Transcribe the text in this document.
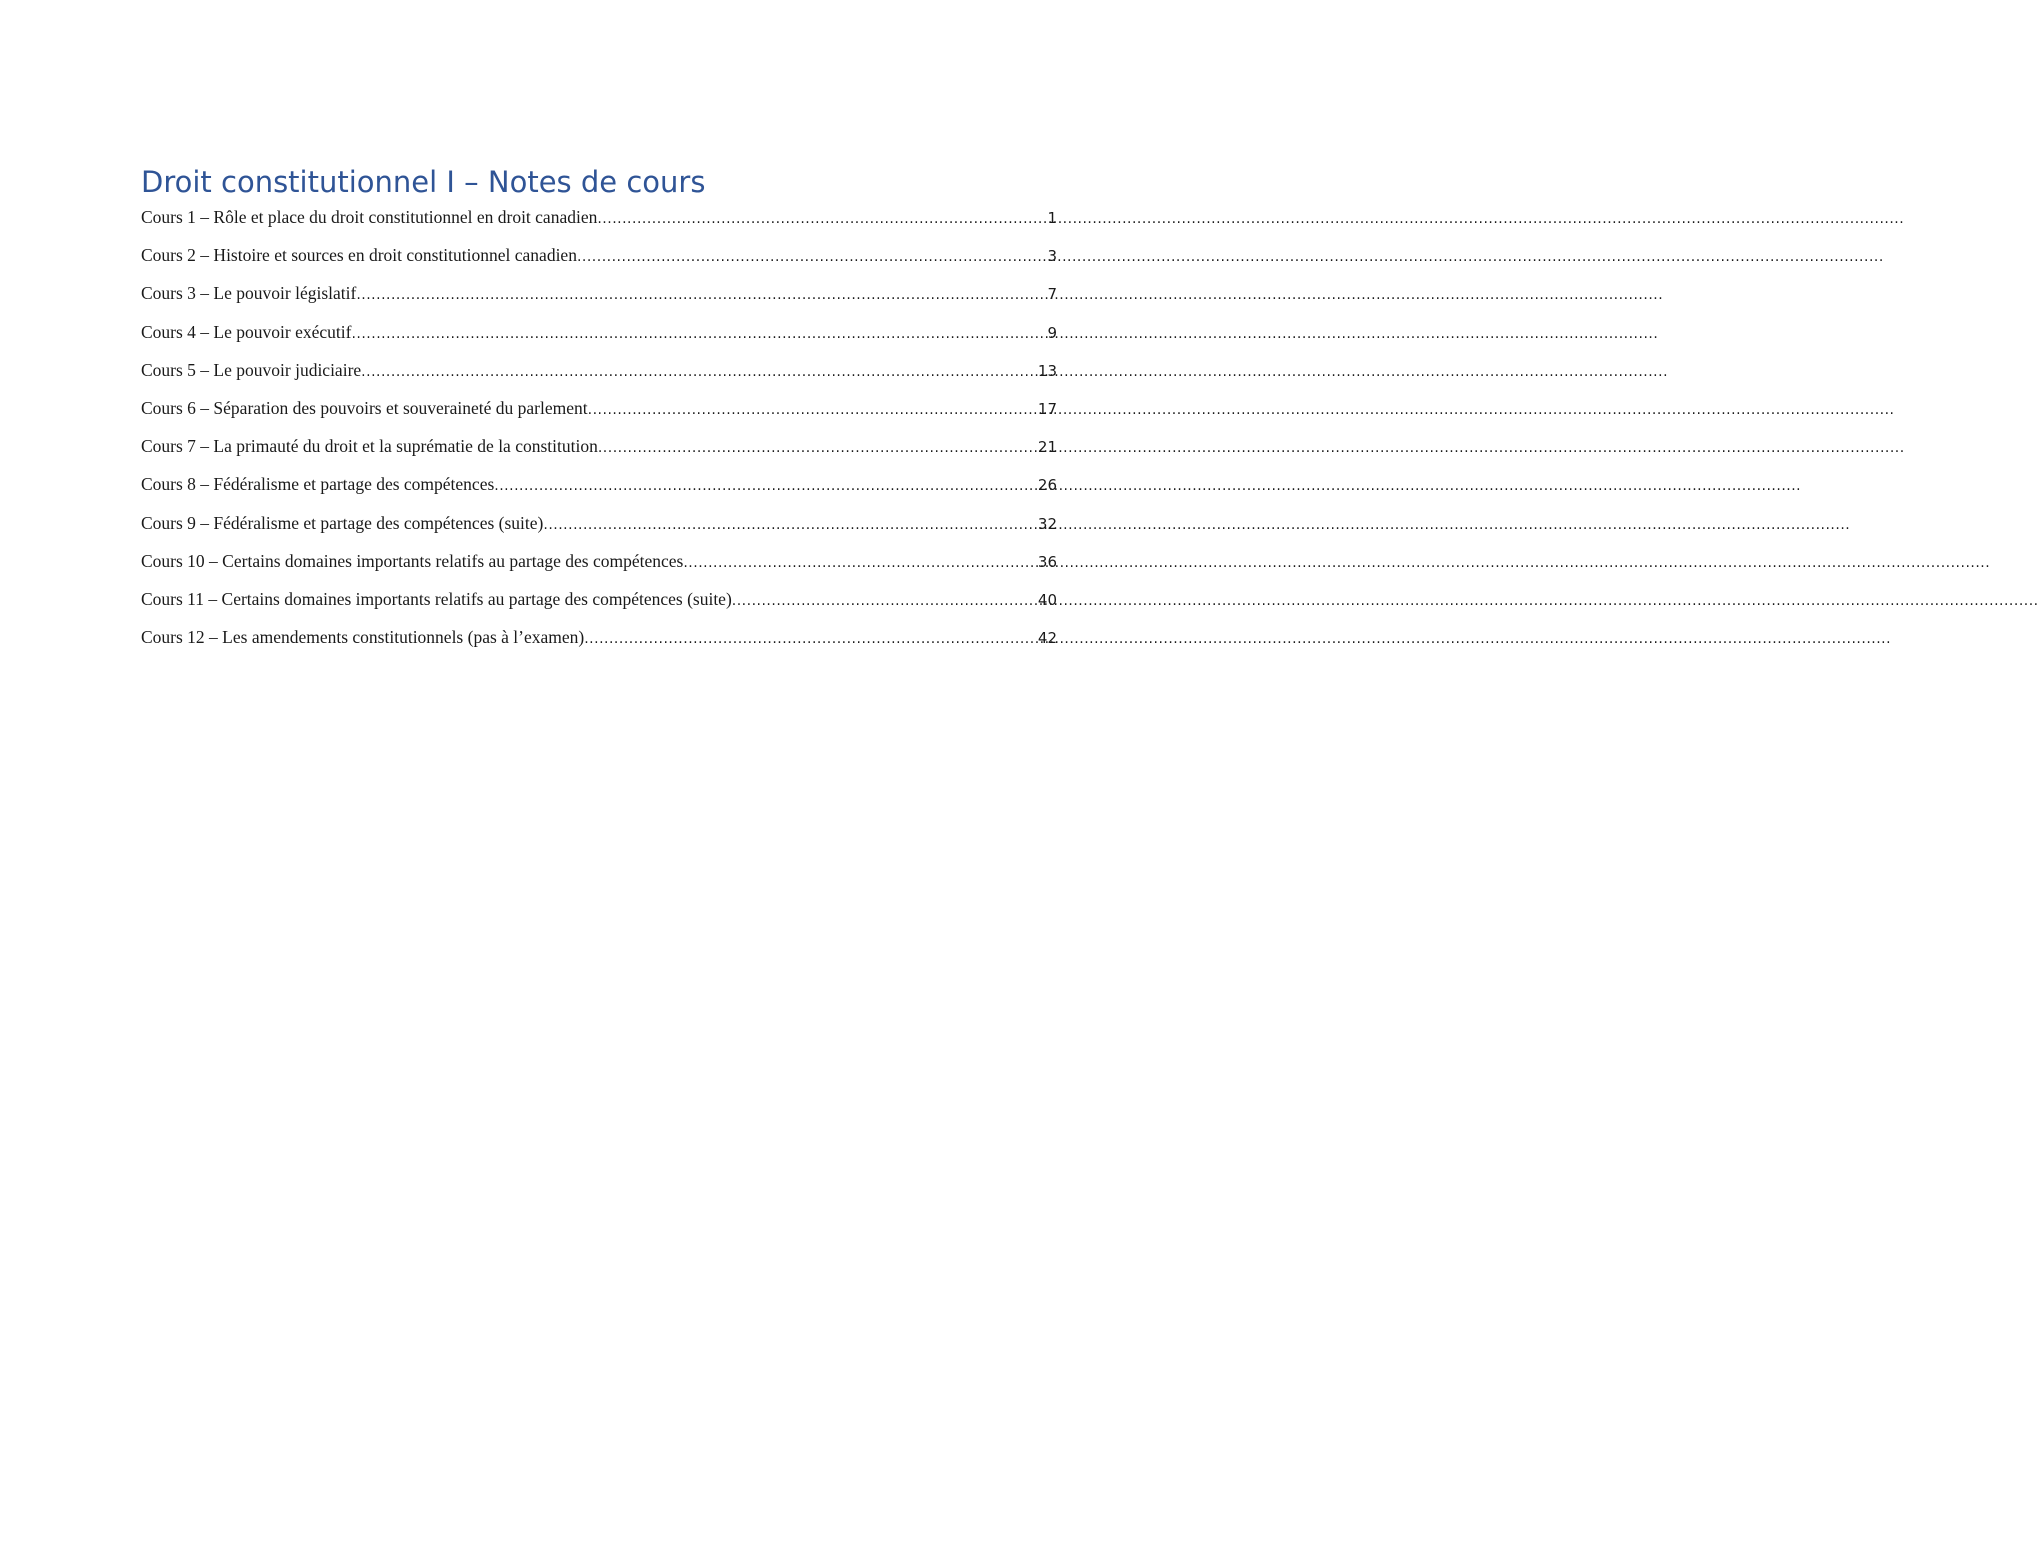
Droit constitutionnel I – Notes de cours
Cours 1 – Rôle et place du droit constitutionnel en droit canadien .....	1
Cours 2 – Histoire et sources en droit constitutionnel canadien .....	3
Cours 3 – Le pouvoir législatif .....	7
Cours 4 – Le pouvoir exécutif .....	9
Cours 5 – Le pouvoir judiciaire .....	13
Cours 6 – Séparation des pouvoirs et souveraineté du parlement .....	17
Cours 7 – La primauté du droit et la suprématie de la constitution .....	21
Cours 8 – Fédéralisme et partage des compétences .....	26
Cours 9 – Fédéralisme et partage des compétences (suite) .....	32
Cours 10 – Certains domaines importants relatifs au partage des compétences .....	36
Cours 11 – Certains domaines importants relatifs au partage des compétences (suite) .....	40
Cours 12 – Les amendements constitutionnels (pas à l’examen) .....	42
